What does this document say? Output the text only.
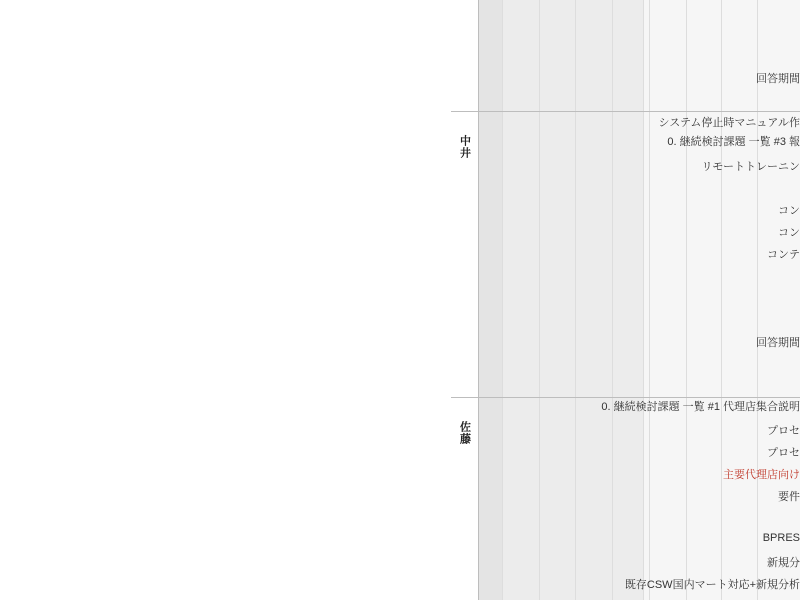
回答期間
中井
システム停止時マニュアル作
0. 継続検討課題 一覧 #3 報
リモートトレーニン
コン
コン
コンテ
回答期間
佐藤
0. 継続検討課題 一覧 #1 代理店集合説明
プロセ
プロセ
主要代理店向け
要件
BPRES
新規分
既存CSW国内マート対応+新規分析
